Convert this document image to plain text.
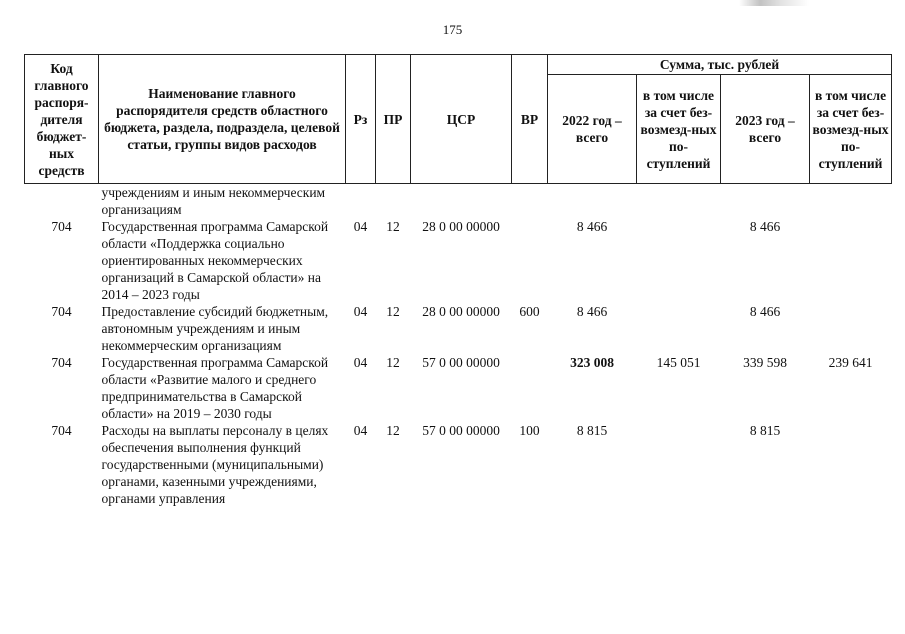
175
Код главного распоря-дителя бюджет-ных средств	Наименование главного распорядителя средств областного бюджета, раздела, подраздела, целевой статьи, группы видов расходов	Рз	ПР	ЦСР	ВР	Сумма, тыс. рублей			
						2022 год – всего	в том числе за счет без-возмезд-ных по-ступлений	2023 год – всего	в том числе за счет без-возмезд-ных по-ступлений
	учреждениям и иным некоммерческим организациям								
704	Государственная программа Самарской области «Поддержка социально ориентированных некоммерческих организаций в Самарской области» на 2014 – 2023 годы	04	12	28 0 00 00000		8 466		8 466	
704	Предоставление субсидий бюджетным, автономным учреждениям и иным некоммерческим организациям	04	12	28 0 00 00000	600	8 466		8 466	
704	Государственная программа Самарской области «Развитие малого и среднего предпринимательства в Самарской области» на 2019 – 2030 годы	04	12	57 0 00 00000		323 008	145 051	339 598	239 641
704	Расходы на выплаты персоналу в целях обеспечения выполнения функций государственными (муниципальными) органами, казенными учреждениями, органами управления	04	12	57 0 00 00000	100	8 815		8 815	
